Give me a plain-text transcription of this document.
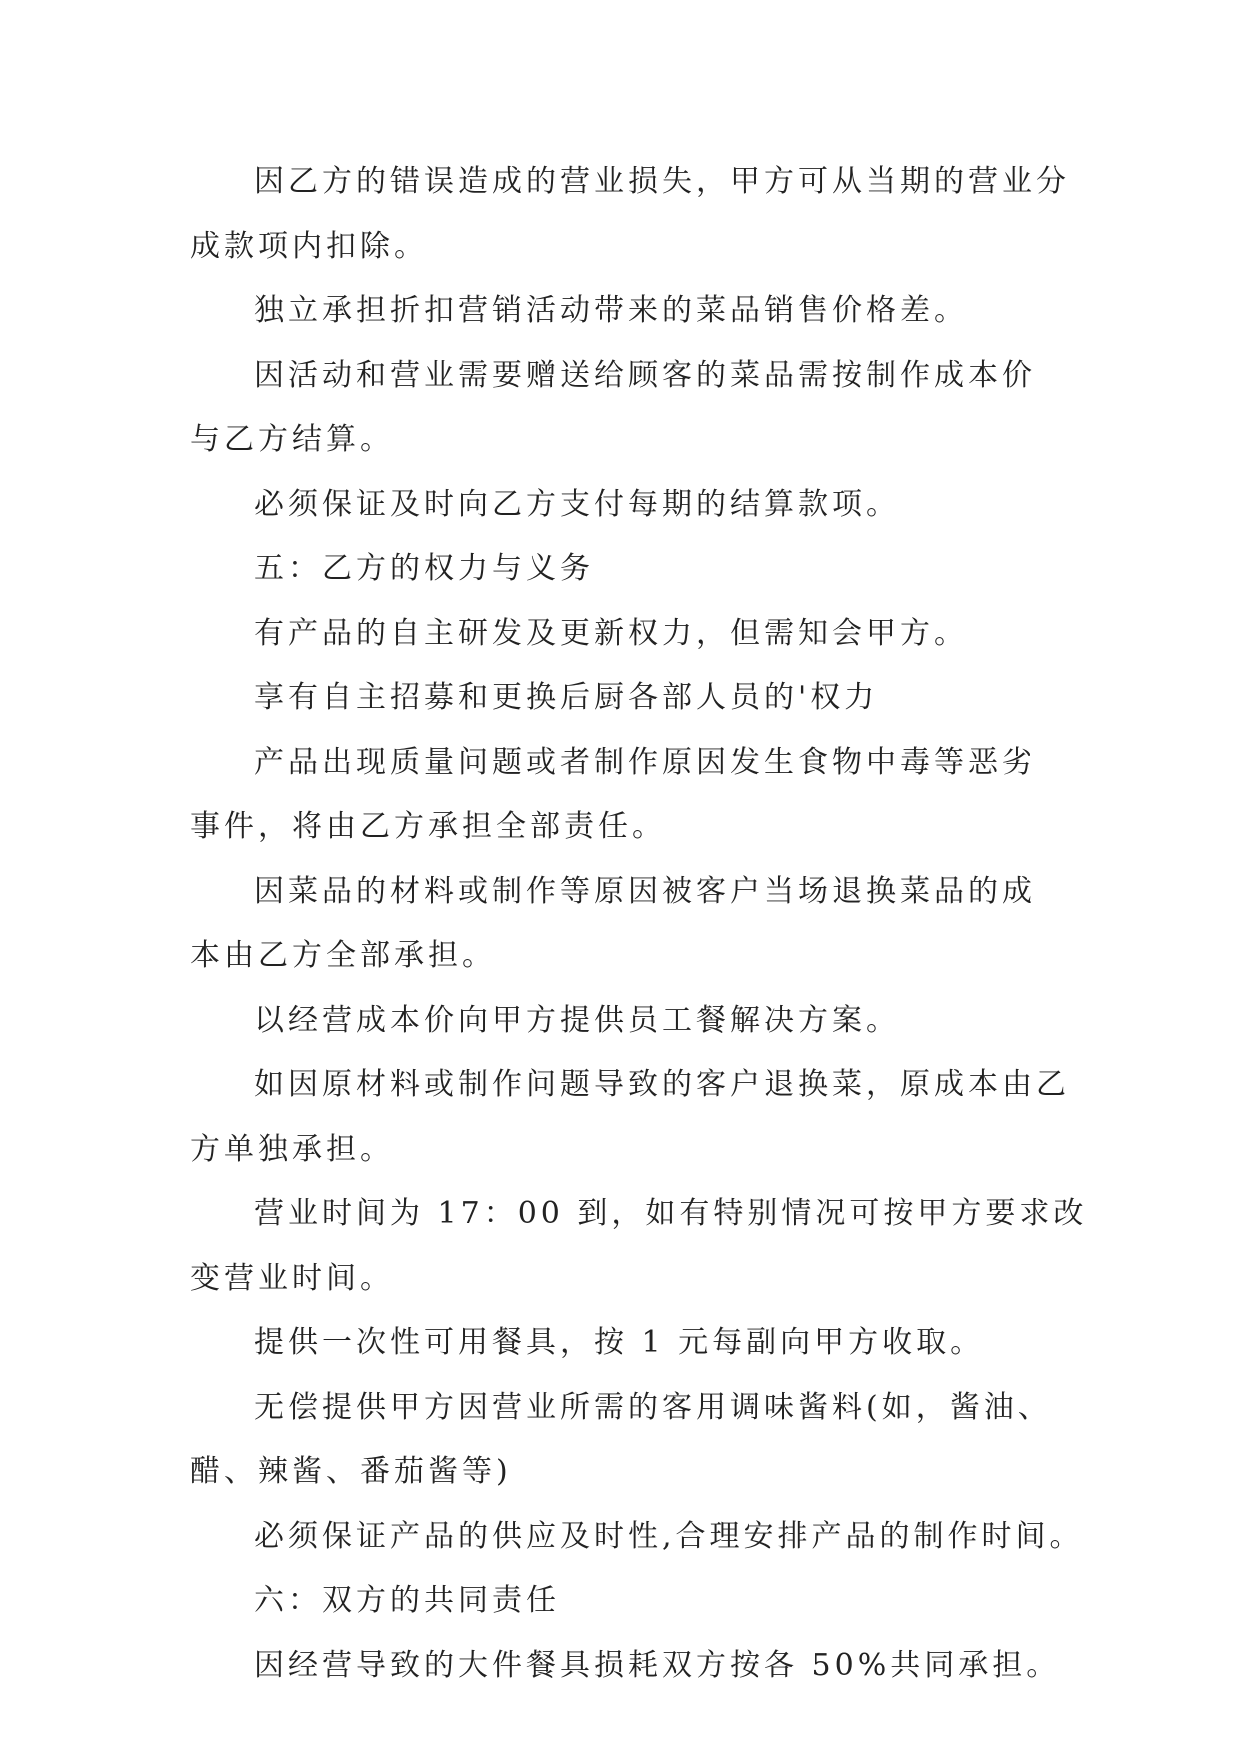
因乙方的错误造成的营业损失，甲方可从当期的营业分

成款项内扣除。

独立承担折扣营销活动带来的菜品销售价格差。

因活动和营业需要赠送给顾客的菜品需按制作成本价

与乙方结算。

必须保证及时向乙方支付每期的结算款项。

五：乙方的权力与义务

有产品的自主研发及更新权力，但需知会甲方。

享有自主招募和更换后厨各部人员的'权力

产品出现质量问题或者制作原因发生食物中毒等恶劣

事件，将由乙方承担全部责任。

因菜品的材料或制作等原因被客户当场退换菜品的成

本由乙方全部承担。

以经营成本价向甲方提供员工餐解决方案。

如因原材料或制作问题导致的客户退换菜，原成本由乙

方单独承担。

营业时间为 17：00 到，如有特别情况可按甲方要求改

变营业时间。

提供一次性可用餐具，按 1 元每副向甲方收取。

无偿提供甲方因营业所需的客用调味酱料(如，酱油、

醋、辣酱、番茄酱等)

必须保证产品的供应及时性,合理安排产品的制作时间。

六：双方的共同责任

因经营导致的大件餐具损耗双方按各 50%共同承担。
